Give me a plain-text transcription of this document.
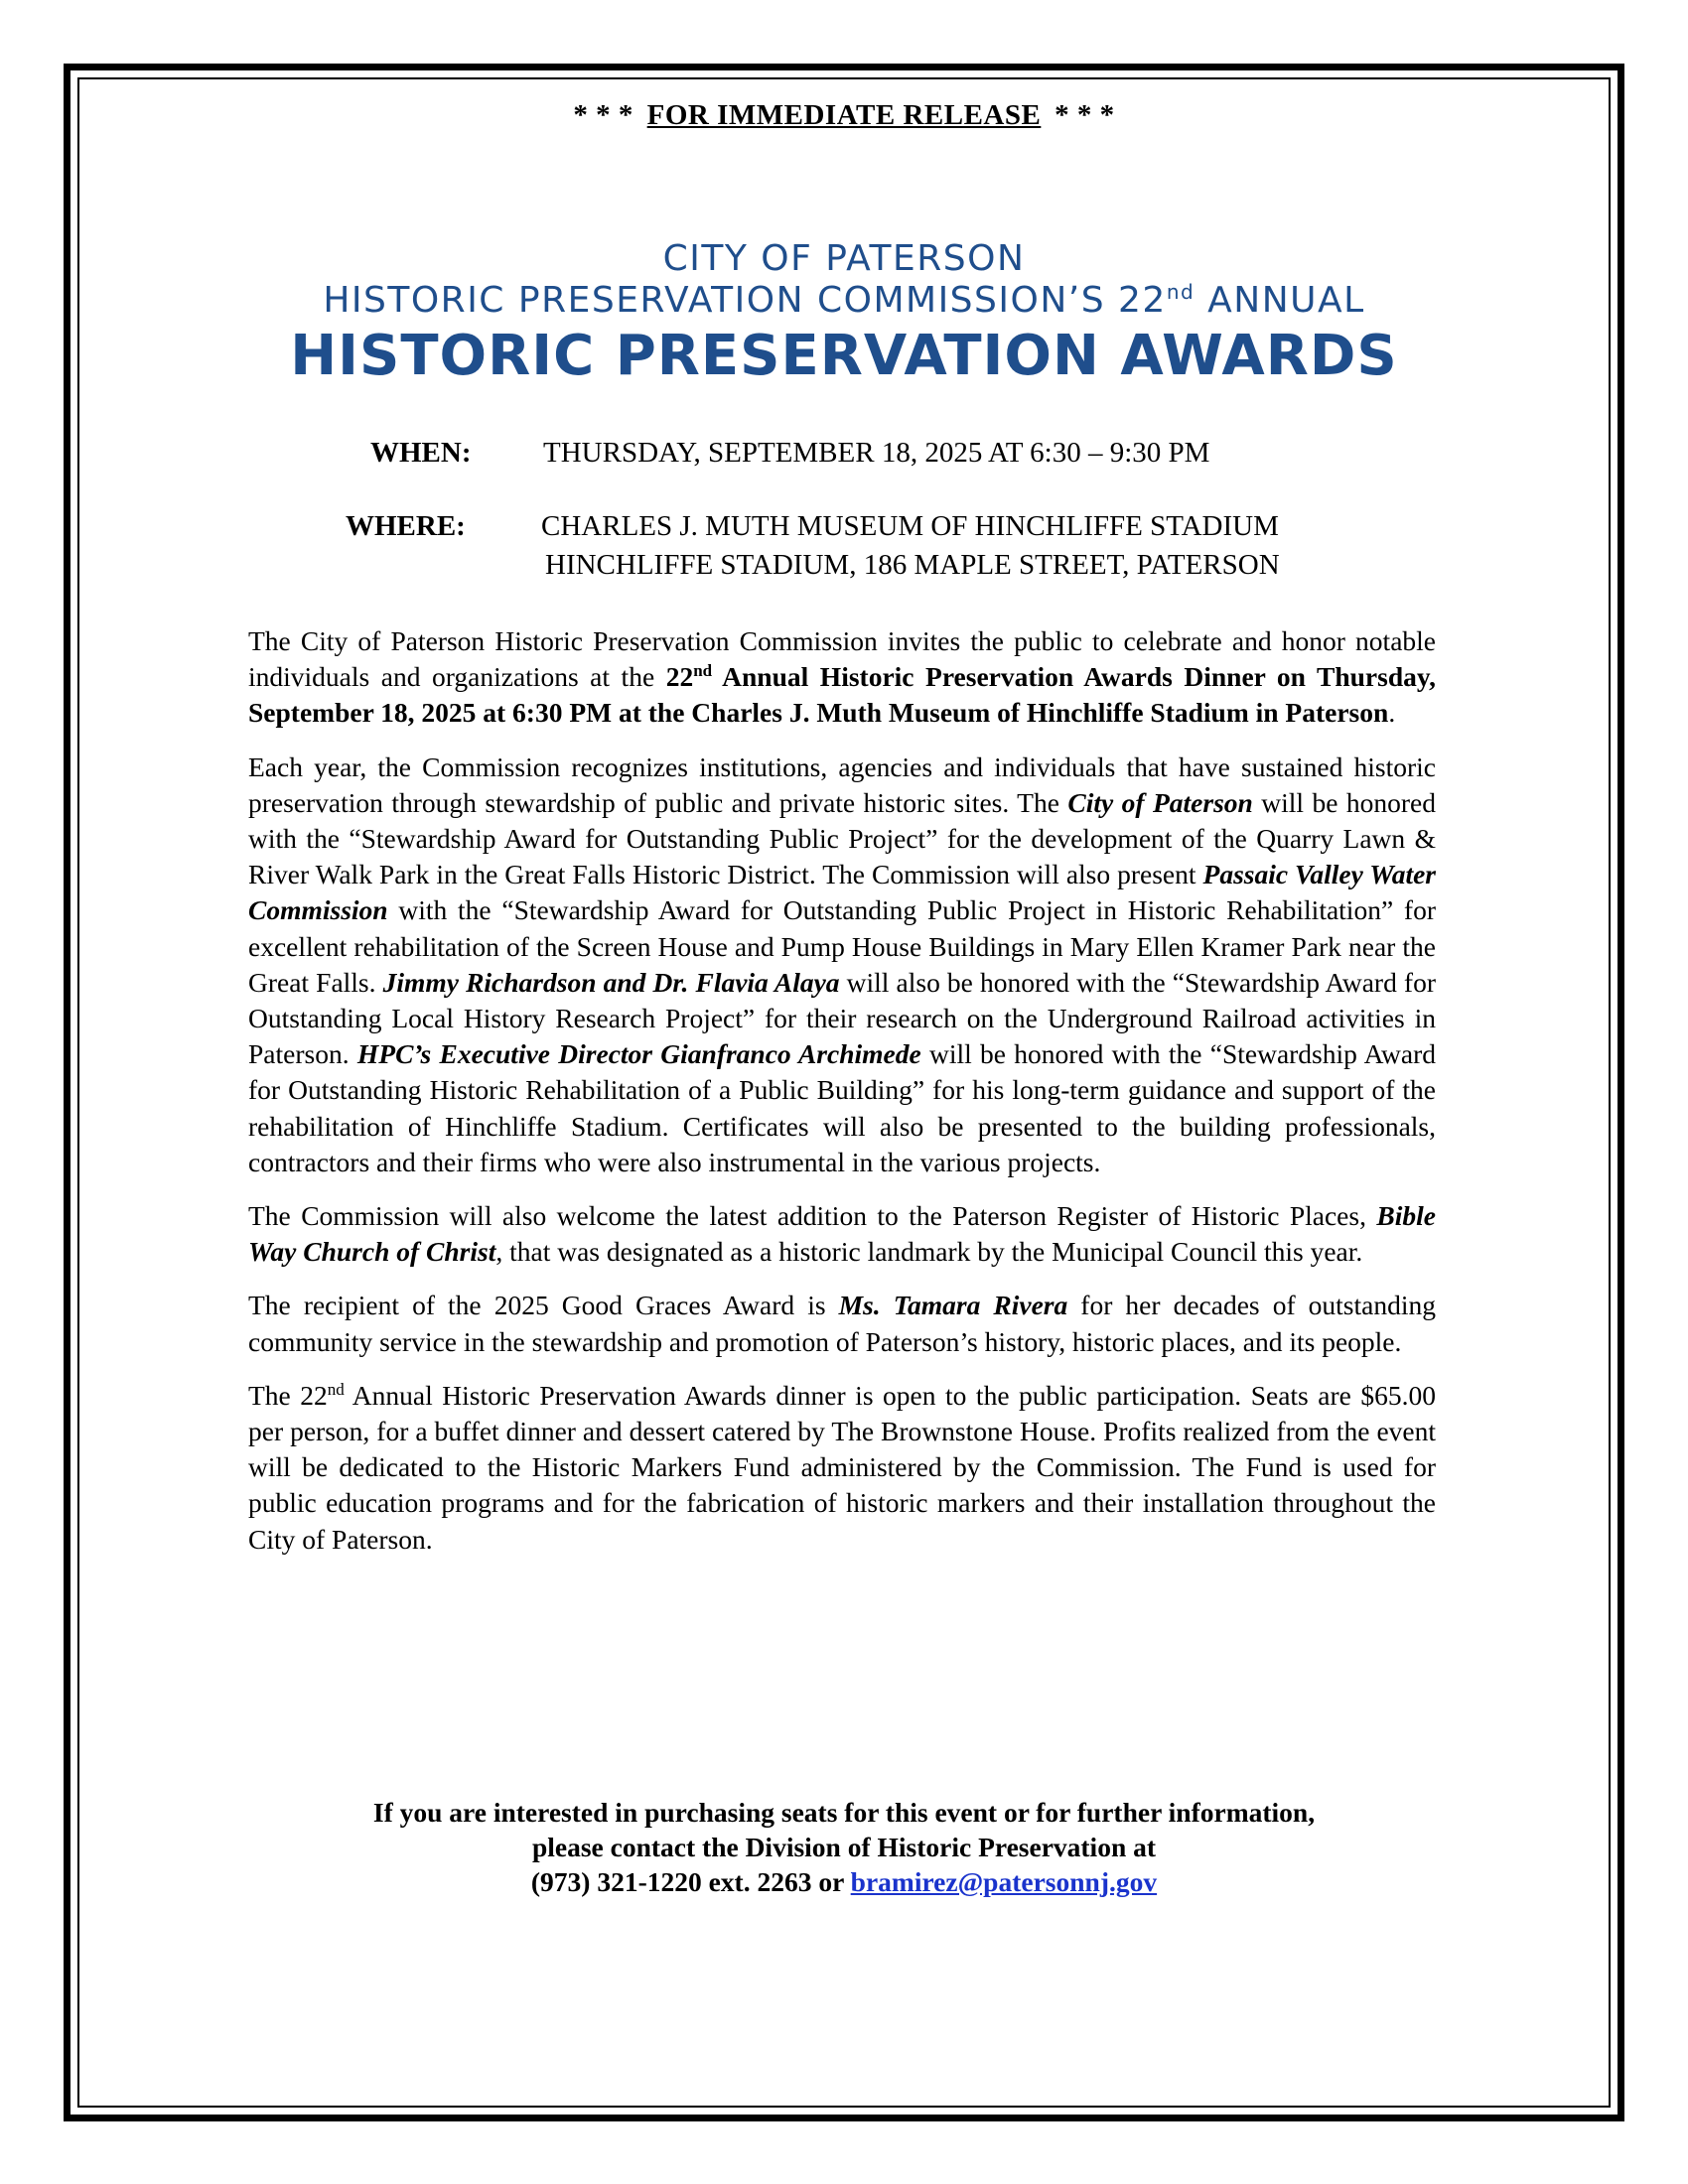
* * * FOR IMMEDIATE RELEASE * * *
CITY OF PATERSON
HISTORIC PRESERVATION COMMISSION’S 22nd ANNUAL
HISTORIC PRESERVATION AWARDS
WHEN:	THURSDAY, SEPTEMBER 18, 2025 AT 6:30 – 9:30 PM
WHERE:	CHARLES J. MUTH MUSEUM OF HINCHLIFFE STADIUM
HINCHLIFFE STADIUM, 186 MAPLE STREET, PATERSON

The City of Paterson Historic Preservation Commission invites the public to celebrate and honor notable individuals and organizations at the 22nd Annual Historic Preservation Awards Dinner on Thursday, September 18, 2025 at 6:30 PM at the Charles J. Muth Museum of Hinchliffe Stadium in Paterson.

Each year, the Commission recognizes institutions, agencies and individuals that have sustained historic preservation through stewardship of public and private historic sites. The City of Paterson will be honored with the “Stewardship Award for Outstanding Public Project” for the development of the Quarry Lawn & River Walk Park in the Great Falls Historic District. The Commission will also present Passaic Valley Water Commission with the “Stewardship Award for Outstanding Public Project in Historic Rehabilitation” for excellent rehabilitation of the Screen House and Pump House Buildings in Mary Ellen Kramer Park near the Great Falls. Jimmy Richardson and Dr. Flavia Alaya will also be honored with the “Stewardship Award for Outstanding Local History Research Project” for their research on the Underground Railroad activities in Paterson. HPC’s Executive Director Gianfranco Archimede will be honored with the “Stewardship Award for Outstanding Historic Rehabilitation of a Public Building” for his long-term guidance and support of the rehabilitation of Hinchliffe Stadium. Certificates will also be presented to the building professionals, contractors and their firms who were also instrumental in the various projects.

The Commission will also welcome the latest addition to the Paterson Register of Historic Places, Bible Way Church of Christ, that was designated as a historic landmark by the Municipal Council this year.

The recipient of the 2025 Good Graces Award is Ms. Tamara Rivera for her decades of outstanding community service in the stewardship and promotion of Paterson’s history, historic places, and its people.

The 22nd Annual Historic Preservation Awards dinner is open to the public participation. Seats are $65.00 per person, for a buffet dinner and dessert catered by The Brownstone House. Profits realized from the event will be dedicated to the Historic Markers Fund administered by the Commission. The Fund is used for public education programs and for the fabrication of historic markers and their installation throughout the City of Paterson.

If you are interested in purchasing seats for this event or for further information,
please contact the Division of Historic Preservation at
(973) 321-1220 ext. 2263 or bramirez@patersonnj.gov
